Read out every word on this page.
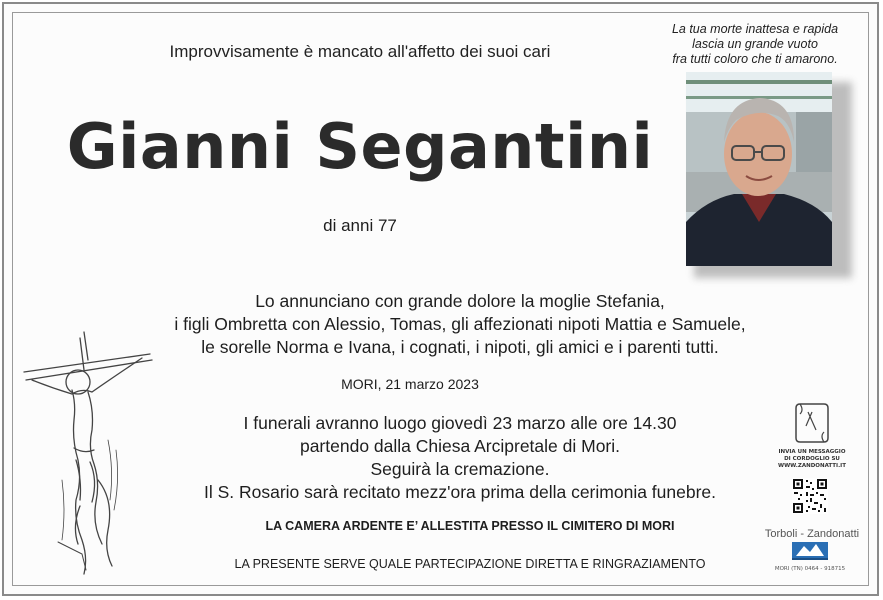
Improvvisamente è mancato all'affetto dei suoi cari
Gianni Segantini
di anni 77
La tua morte inattesa e rapida
lascia un grande vuoto
fra tutti coloro che ti amarono.
Lo annunciano con grande dolore la moglie Stefania,
i figli Ombretta con Alessio, Tomas, gli affezionati nipoti Mattia e Samuele,
le sorelle Norma e Ivana, i cognati, i nipoti, gli amici e i parenti tutti.
MORI, 21 marzo 2023
I funerali avranno luogo giovedì 23 marzo alle ore 14.30
partendo dalla Chiesa Arcipretale di Mori.
Seguirà la cremazione.
Il S. Rosario sarà recitato mezz'ora prima della cerimonia funebre.
LA CAMERA ARDENTE E’ ALLESTITA PRESSO IL CIMITERO DI MORI
LA PRESENTE SERVE QUALE PARTECIPAZIONE DIRETTA E RINGRAZIAMENTO
INVIA UN MESSAGGIO
DI CORDOGLIO SU
WWW.ZANDONATTI.IT
Torboli - Zandonatti
MORI (TN) 0464 - 918715
